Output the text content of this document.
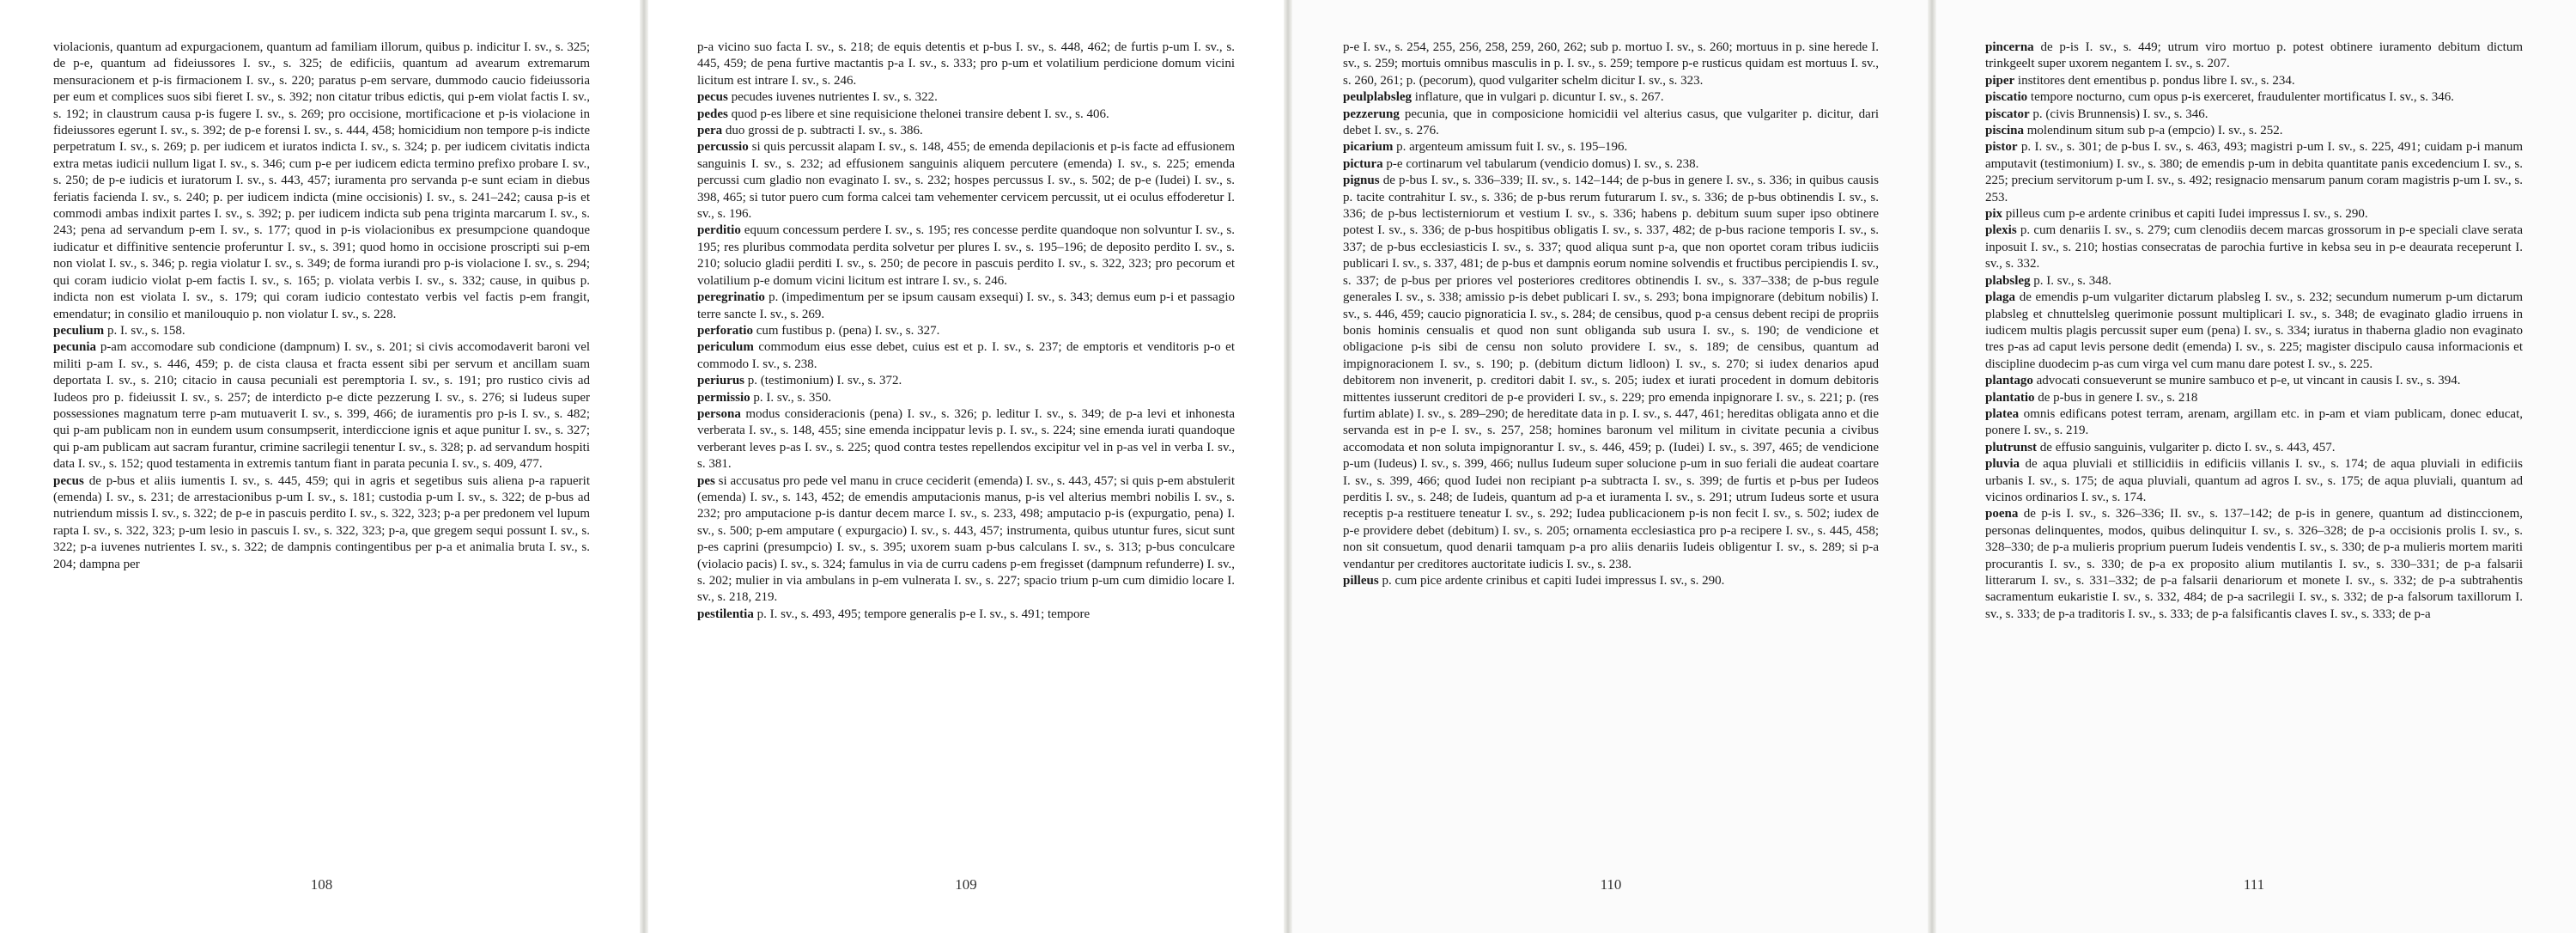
violacionis, quantum ad expurgacionem, quantum ad familiam illorum, quibus p. indicitur I. sv., s. 325; de p-e, quantum ad fideiussores I. sv., s. 325; de edificiis, quantum ad avearum extremarum mensuracionem et p-is firmacionem I. sv., s. 220; paratus p-em servare, dummodo caucio fideiussoria per eum et complices suos sibi fieret I. sv., s. 392; non citatur tribus edictis, qui p-em violat factis I. sv., s. 192; in claustrum causa p-is fugere I. sv., s. 269; pro occisione, mortificacione et p-is violacione in fideiussores egerunt I. sv., s. 392; de p-e forensi I. sv., s. 444, 458; homicidium non tempore p-is indicte perpetratum I. sv., s. 269; p. per iudicem et iuratos indicta I. sv., s. 324; p. per iudicem civitatis indicta extra metas iudicii nullum ligat I. sv., s. 346; cum p-e per iudicem edicta termino prefixo probare I. sv., s. 250; de p-e iudicis et iuratorum I. sv., s. 443, 457; iuramenta pro servanda p-e sunt eciam in diebus feriatis facienda I. sv., s. 240; p. per iudicem indicta (mine occisionis) I. sv., s. 241–242; causa p-is et commodi ambas indixit partes I. sv., s. 392; p. per iudicem indicta sub pena triginta marcarum I. sv., s. 243; pena ad servandum p-em I. sv., s. 177; quod in p-is violacionibus ex presumpcione quandoque iudicatur et diffinitive sentencie proferuntur I. sv., s. 391; quod homo in occisione proscripti sui p-em non violat I. sv., s. 346; p. regia violatur I. sv., s. 349; de forma iurandi pro p-is violacione I. sv., s. 294; qui coram iudicio violat p-em factis I. sv., s. 165; p. violata verbis I. sv., s. 332; cause, in quibus p. indicta non est violata I. sv., s. 179; qui coram iudicio contestato verbis vel factis p-em frangit, emendatur; in consilio et manilouquio p. non violatur I. sv., s. 228.

peculium p. I. sv., s. 158.

pecunia p-am accomodare sub condicione (dampnum) I. sv., s. 201; si civis accomodaverit baroni vel militi p-am I. sv., s. 446, 459; p. de cista clausa et fracta essent sibi per servum et ancillam suam deportata I. sv., s. 210; citacio in causa pecuniali est peremptoria I. sv., s. 191; pro rustico civis ad Iudeos pro p. fideiussit I. sv., s. 257; de interdicto p-e dicte pezzerung I. sv., s. 276; si Iudeus super possessiones magnatum terre p-am mutuaverit I. sv., s. 399, 466; de iuramentis pro p-is I. sv., s. 482; qui p-am publicam non in eundem usum consumpserit, interdiccione ignis et aque punitur I. sv., s. 327; qui p-am publicam aut sacram furantur, crimine sacrilegii tenentur I. sv., s. 328; p. ad servandum hospiti data I. sv., s. 152; quod testamenta in extremis tantum fiant in parata pecunia I. sv., s. 409, 477.

pecus de p-bus et aliis iumentis I. sv., s. 445, 459; qui in agris et segetibus suis aliena p-a rapuerit (emenda) I. sv., s. 231; de arrestacionibus p-um I. sv., s. 181; custodia p-um I. sv., s. 322; de p-bus ad nutriendum missis I. sv., s. 322; de p-e in pascuis perdito I. sv., s. 322, 323; p-a per predonem vel lupum rapta I. sv., s. 322, 323; p-um lesio in pascuis I. sv., s. 322, 323; p-a, que gregem sequi possunt I. sv., s. 322; p-a iuvenes nutrientes I. sv., s. 322; de dampnis contingentibus per p-a et animalia bruta I. sv., s. 204; dampna per

108

p-a vicino suo facta I. sv., s. 218; de equis detentis et p-bus I. sv., s. 448, 462; de furtis p-um I. sv., s. 445, 459; de pena furtive mactantis p-a I. sv., s. 333; pro p-um et volatilium perdicione domum vicini licitum est intrare I. sv., s. 246.

pecus pecudes iuvenes nutrientes I. sv., s. 322.

pedes quod p-es libere et sine requisicione thelonei transire debent I. sv., s. 406.

pera duo grossi de p. subtracti I. sv., s. 386.

percussio si quis percussit alapam I. sv., s. 148, 455; de emenda depilacionis et p-is facte ad effusionem sanguinis I. sv., s. 232; ad effusionem sanguinis aliquem percutere (emenda) I. sv., s. 225; emenda percussi cum gladio non evaginato I. sv., s. 232; hospes percussus I. sv., s. 502; de p-e (Iudei) I. sv., s. 398, 465; si tutor puero cum forma calcei tam vehementer cervicem percussit, ut ei oculus effoderetur I. sv., s. 196.

perditio equum concessum perdere I. sv., s. 195; res concesse perdite quandoque non solvuntur I. sv., s. 195; res pluribus commodata perdita solvetur per plures I. sv., s. 195–196; de deposito perdito I. sv., s. 210; solucio gladii perditi I. sv., s. 250; de pecore in pascuis perdito I. sv., s. 322, 323; pro pecorum et volatilium p-e domum vicini licitum est intrare I. sv., s. 246.

peregrinatio p. (impedimentum per se ipsum causam exsequi) I. sv., s. 343; demus eum p-i et passagio terre sancte I. sv., s. 269.

perforatio cum fustibus p. (pena) I. sv., s. 327.

periculum commodum eius esse debet, cuius est et p. I. sv., s. 237; de emptoris et venditoris p-o et commodo I. sv., s. 238.

periurus p. (testimonium) I. sv., s. 372.

permissio p. I. sv., s. 350.

persona modus consideracionis (pena) I. sv., s. 326; p. leditur I. sv., s. 349; de p-a levi et inhonesta verberata I. sv., s. 148, 455; sine emenda incippatur levis p. I. sv., s. 224; sine emenda iurati quandoque verberant leves p-as I. sv., s. 225; quod contra testes repellendos excipitur vel in p-as vel in verba I. sv., s. 381.

pes si accusatus pro pede vel manu in cruce ceciderit (emenda) I. sv., s. 443, 457; si quis p-em abstulerit (emenda) I. sv., s. 143, 452; de emendis amputacionis manus, p-is vel alterius membri nobilis I. sv., s. 232; pro amputacione p-is dantur decem marce I. sv., s. 233, 498; amputacio p-is (expurgatio, pena) I. sv., s. 500; p-em amputare ( expurgacio) I. sv., s. 443, 457; instrumenta, quibus utuntur fures, sicut sunt p-es caprini (presumpcio) I. sv., s. 395; uxorem suam p-bus calculans I. sv., s. 313; p-bus conculcare (violacio pacis) I. sv., s. 324; famulus in via de curru cadens p-em fregisset (dampnum refunderre) I. sv., s. 202; mulier in via ambulans in p-em vulnerata I. sv., s. 227; spacio trium p-um cum dimidio locare I. sv., s. 218, 219.

pestilentia p. I. sv., s. 493, 495; tempore generalis p-e I. sv., s. 491; tempore

109

p-e I. sv., s. 254, 255, 256, 258, 259, 260, 262; sub p. mortuo I. sv., s. 260; mortuus in p. sine herede I. sv., s. 259; mortuis omnibus masculis in p. I. sv., s. 259; tempore p-e rusticus quidam est mortuus I. sv., s. 260, 261; p. (pecorum), quod vulgariter schelm dicitur I. sv., s. 323.

peulplabsleg inflature, que in vulgari p. dicuntur I. sv., s. 267.

pezzerung pecunia, que in composicione homicidii vel alterius casus, que vulgariter p. dicitur, dari debet I. sv., s. 276.

picarium p. argenteum amissum fuit I. sv., s. 195–196.

pictura p-e cortinarum vel tabularum (vendicio domus) I. sv., s. 238.

pignus de p-bus I. sv., s. 336–339; II. sv., s. 142–144; de p-bus in genere I. sv., s. 336; in quibus causis p. tacite contrahitur I. sv., s. 336; de p-bus rerum futurarum I. sv., s. 336; de p-bus obtinendis I. sv., s. 336; de p-bus lectisterniorum et vestium I. sv., s. 336; habens p. debitum suum super ipso obtinere potest I. sv., s. 336; de p-bus hospitibus obligatis I. sv., s. 337, 482; de p-bus racione temporis I. sv., s. 337; de p-bus ecclesiasticis I. sv., s. 337; quod aliqua sunt p-a, que non oportet coram tribus iudiciis publicari I. sv., s. 337, 481; de p-bus et dampnis eorum nomine solvendis et fructibus percipiendis I. sv., s. 337; de p-bus per priores vel posteriores creditores obtinendis I. sv., s. 337–338; de p-bus regule generales I. sv., s. 338; amissio p-is debet publicari I. sv., s. 293; bona impignorare (debitum nobilis) I. sv., s. 446, 459; caucio pignoraticia I. sv., s. 284; de censibus, quod p-a census debent recipi de propriis bonis hominis censualis et quod non sunt obliganda sub usura I. sv., s. 190; de vendicione et obligacione p-is sibi de censu non soluto providere I. sv., s. 189; de censibus, quantum ad impignoracionem I. sv., s. 190; p. (debitum dictum lidloon) I. sv., s. 270; si iudex denarios apud debitorem non invenerit, p. creditori dabit I. sv., s. 205; iudex et iurati procedent in domum debitoris mittentes iusserunt creditori de p-e provideri I. sv., s. 229; pro emenda inpignorare I. sv., s. 221; p. (res furtim ablate) I. sv., s. 289–290; de hereditate data in p. I. sv., s. 447, 461; hereditas obligata anno et die servanda est in p-e I. sv., s. 257, 258; homines baronum vel militum in civitate pecunia a civibus accomodata et non soluta impignorantur I. sv., s. 446, 459; p. (Iudei) I. sv., s. 397, 465; de vendicione p-um (Iudeus) I. sv., s. 399, 466; nullus Iudeum super solucione p-um in suo feriali die audeat coartare I. sv., s. 399, 466; quod Iudei non recipiant p-a subtracta I. sv., s. 399; de furtis et p-bus per Iudeos perditis I. sv., s. 248; de Iudeis, quantum ad p-a et iuramenta I. sv., s. 291; utrum Iudeus sorte et usura receptis p-a restituere teneatur I. sv., s. 292; Iudea publicacionem p-is non fecit I. sv., s. 502; iudex de p-e providere debet (debitum) I. sv., s. 205; ornamenta ecclesiastica pro p-a recipere I. sv., s. 445, 458; non sit consuetum, quod denarii tamquam p-a pro aliis denariis Iudeis obligentur I. sv., s. 289; si p-a vendantur per creditores auctoritate iudicis I. sv., s. 238.

pilleus p. cum pice ardente crinibus et capiti Iudei impressus I. sv., s. 290.

110

pincerna de p-is I. sv., s. 449; utrum viro mortuo p. potest obtinere iuramento debitum dictum trinkgeelt super uxorem negantem I. sv., s. 207.

piper institores dent ementibus p. pondus libre I. sv., s. 234.

piscatio tempore nocturno, cum opus p-is exerceret, fraudulenter mortificatus I. sv., s. 346.

piscator p. (civis Brunnensis) I. sv., s. 346.

piscina molendinum situm sub p-a (empcio) I. sv., s. 252.

pistor p. I. sv., s. 301; de p-bus I. sv., s. 463, 493; magistri p-um I. sv., s. 225, 491; cuidam p-i manum amputavit (testimonium) I. sv., s. 380; de emendis p-um in debita quantitate panis excedencium I. sv., s. 225; precium servitorum p-um I. sv., s. 492; resignacio mensarum panum coram magistris p-um I. sv., s. 253.

pix pilleus cum p-e ardente crinibus et capiti Iudei impressus I. sv., s. 290.

plexis p. cum denariis I. sv., s. 279; cum clenodiis decem marcas grossorum in p-e speciali clave serata inposuit I. sv., s. 210; hostias consecratas de parochia furtive in kebsa seu in p-e deaurata receperunt I. sv., s. 332.

plabsleg p. I. sv., s. 348.

plaga de emendis p-um vulgariter dictarum plabsleg I. sv., s. 232; secundum numerum p-um dictarum plabsleg et chnuttelsleg querimonie possunt multiplicari I. sv., s. 348; de evaginato gladio irruens in iudicem multis plagis percussit super eum (pena) I. sv., s. 334; iuratus in thaberna gladio non evaginato tres p-as ad caput levis persone dedit (emenda) I. sv., s. 225; magister discipulo causa informacionis et discipline duodecim p-as cum virga vel cum manu dare potest I. sv., s. 225.

plantago advocati consueverunt se munire sambuco et p-e, ut vincant in causis I. sv., s. 394.

plantatio de p-bus in genere I. sv., s. 218

platea omnis edificans potest terram, arenam, argillam etc. in p-am et viam publicam, donec educat, ponere I. sv., s. 219.

plutrunst de effusio sanguinis, vulgariter p. dicto I. sv., s. 443, 457.

pluvia de aqua pluviali et stillicidiis in edificiis villanis I. sv., s. 174; de aqua pluviali in edificiis urbanis I. sv., s. 175; de aqua pluviali, quantum ad agros I. sv., s. 175; de aqua pluviali, quantum ad vicinos ordinarios I. sv., s. 174.

poena de p-is I. sv., s. 326–336; II. sv., s. 137–142; de p-is in genere, quantum ad distinccionem, personas delinquentes, modos, quibus delinquitur I. sv., s. 326–328; de p-a occisionis prolis I. sv., s. 328–330; de p-a mulieris proprium puerum Iudeis vendentis I. sv., s. 330; de p-a mulieris mortem mariti procurantis I. sv., s. 330; de p-a ex proposito alium mutilantis I. sv., s. 330–331; de p-a falsarii litterarum I. sv., s. 331–332; de p-a falsarii denariorum et monete I. sv., s. 332; de p-a subtrahentis sacramentum eukaristie I. sv., s. 332, 484; de p-a sacrilegii I. sv., s. 332; de p-a falsorum taxillorum I. sv., s. 333; de p-a traditoris I. sv., s. 333; de p-a falsificantis claves I. sv., s. 333; de p-a

111
